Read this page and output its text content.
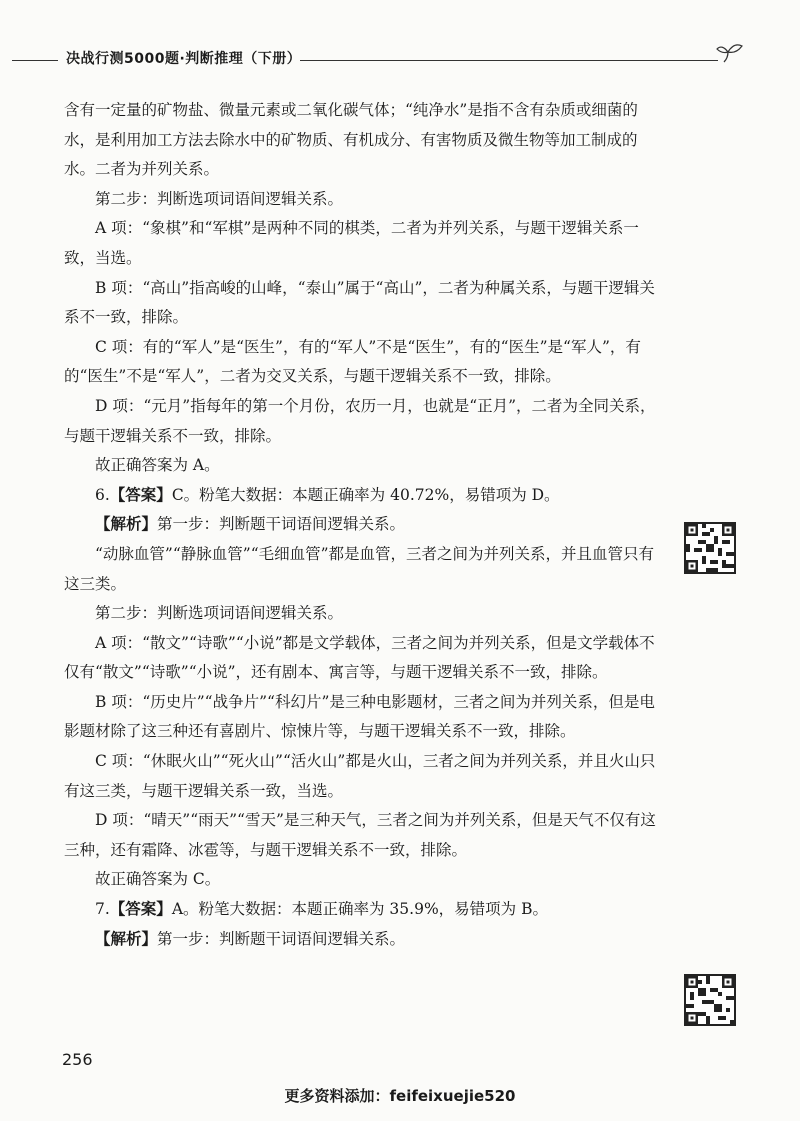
决战行测5000题·判断推理（下册）

含有一定量的矿物盐、微量元素或二氧化碳气体；“纯净水”是指不含有杂质或细菌的水，是利用加工方法去除水中的矿物质、有机成分、有害物质及微生物等加工制成的水。二者为并列关系。

第二步：判断选项词语间逻辑关系。

A 项：“象棋”和“军棋”是两种不同的棋类，二者为并列关系，与题干逻辑关系一致，当选。

B 项：“高山”指高峻的山峰，“泰山”属于“高山”，二者为种属关系，与题干逻辑关系不一致，排除。

C 项：有的“军人”是“医生”，有的“军人”不是“医生”，有的“医生”是“军人”，有的“医生”不是“军人”，二者为交叉关系，与题干逻辑关系不一致，排除。

D 项：“元月”指每年的第一个月份，农历一月，也就是“正月”，二者为全同关系，与题干逻辑关系不一致，排除。

故正确答案为 A。

6.【答案】C。粉笔大数据：本题正确率为 40.72%，易错项为 D。

【解析】第一步：判断题干词语间逻辑关系。

“动脉血管”“静脉血管”“毛细血管”都是血管，三者之间为并列关系，并且血管只有这三类。

第二步：判断选项词语间逻辑关系。

A 项：“散文”“诗歌”“小说”都是文学载体，三者之间为并列关系，但是文学载体不仅有“散文”“诗歌”“小说”，还有剧本、寓言等，与题干逻辑关系不一致，排除。

B 项：“历史片”“战争片”“科幻片”是三种电影题材，三者之间为并列关系，但是电影题材除了这三种还有喜剧片、惊悚片等，与题干逻辑关系不一致，排除。

C 项：“休眠火山”“死火山”“活火山”都是火山，三者之间为并列关系，并且火山只有这三类，与题干逻辑关系一致，当选。

D 项：“晴天”“雨天”“雪天”是三种天气，三者之间为并列关系，但是天气不仅有这三种，还有霜降、冰雹等，与题干逻辑关系不一致，排除。

故正确答案为 C。

7.【答案】A。粉笔大数据：本题正确率为 35.9%，易错项为 B。

【解析】第一步：判断题干词语间逻辑关系。

256
更多资料添加：feifeixuejie520
